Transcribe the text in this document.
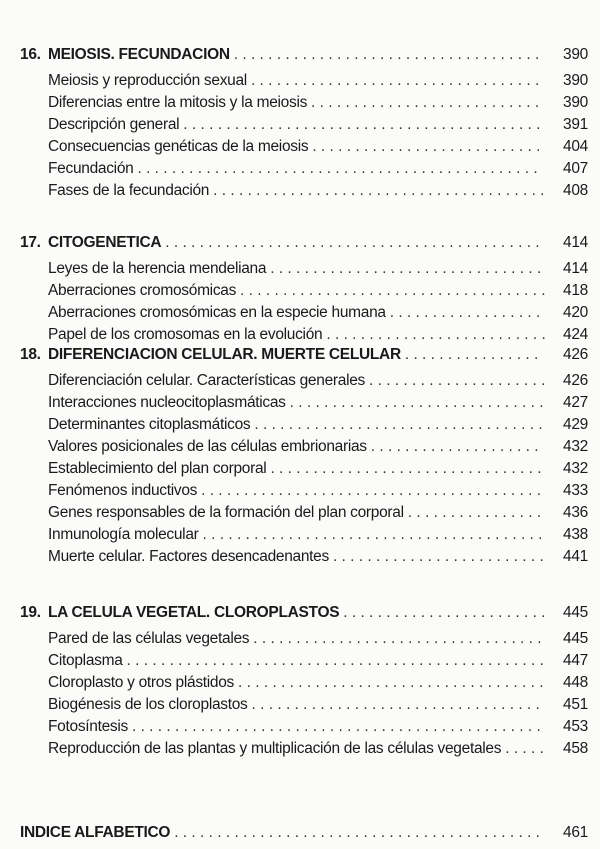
16. MEIOSIS. FECUNDACION ....................................	390
Meiosis y reproducción sexual ..................................	390
Diferencias entre la mitosis y la meiosis ...........................	390
Descripción general ..........................................	391
Consecuencias genéticas de la meiosis ...........................	404
Fecundación ...............................................	407
Fases de la fecundación ....................................... 408
17. CITOGENETICA ............................................	414
Leyes de la herencia mendeliana ................................	414
Aberraciones cromosómicas .................................... 418
Aberraciones cromosómicas en la especie humana ..................	420
Papel de los cromosomas en la evolución .......................... 424
18. DIFERENCIACION CELULAR. MUERTE CELULAR ................	426
Diferenciación celular. Características generales ..................... 426
Interacciones nucleocitoplasmáticas .............................. 427
Determinantes citoplasmáticos ..................................	429
Valores posicionales de las células embrionarias ....................	432
Establecimiento del plan corporal ................................	432
Fenómenos inductivos ........................................	433
Genes responsables de la formación del plan corporal ................	436
Inmunología molecular ........................................	438
Muerte celular. Factores desencadenantes ......................... 441
19. LA CELULA VEGETAL. CLOROPLASTOS ........................ 445
Pared de las células vegetales ..................................	445
Citoplasma ................................................. 447
Cloroplasto y otros plástidos .................................... 448
Biogénesis de los cloroplastos ..................................	451
Fotosíntesis ................................................	453
Reproducción de las plantas y multiplicación de las células vegetales ..... 458
INDICE ALFABETICO ...........................................	461
